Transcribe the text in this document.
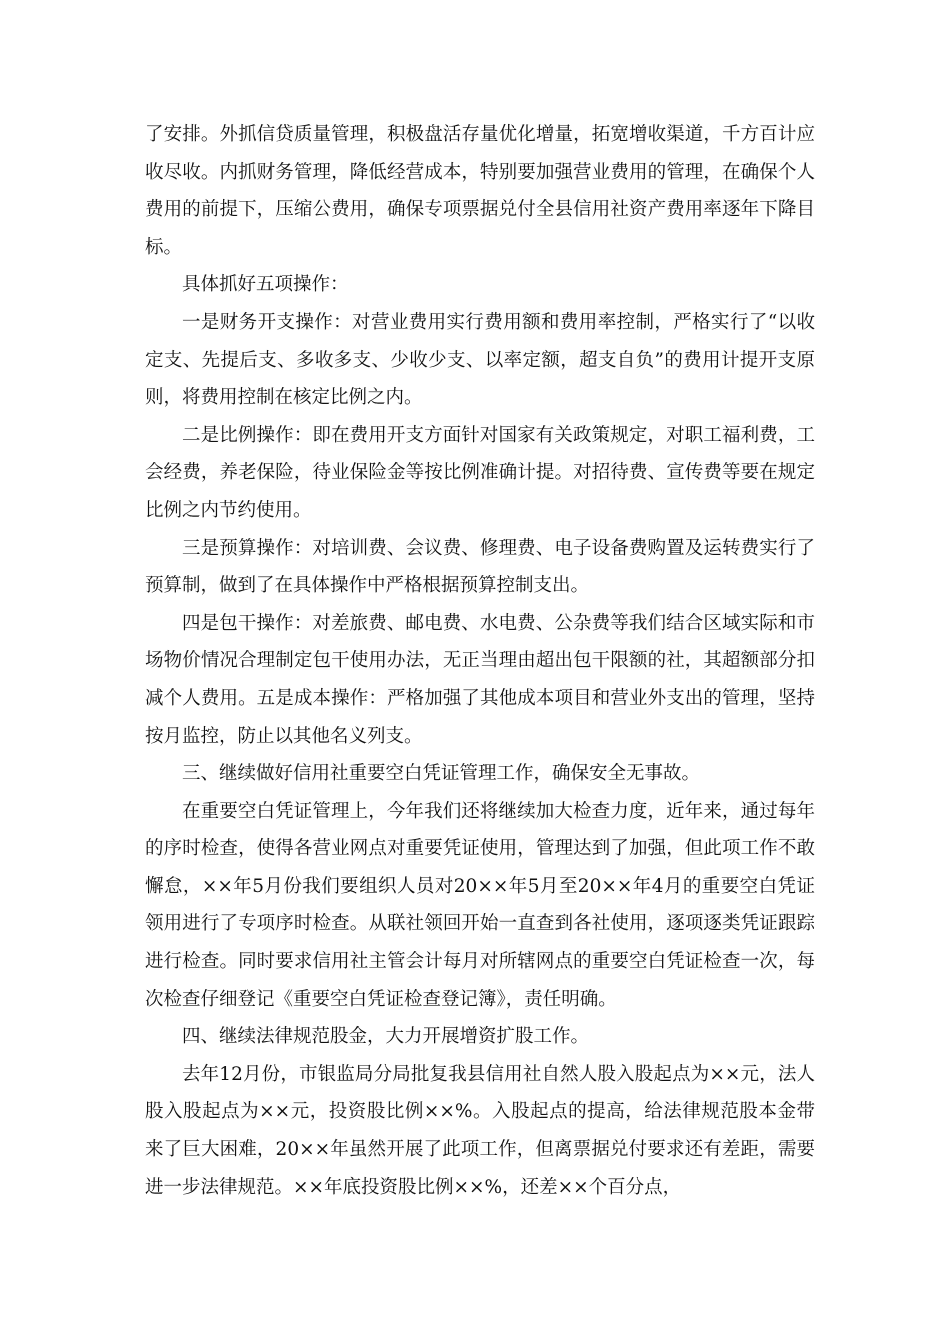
了安排。外抓信贷质量管理，积极盘活存量优化增量，拓宽增收渠道，千方百计应收尽收。内抓财务管理，降低经营成本，特别要加强营业费用的管理，在确保个人费用的前提下，压缩公费用，确保专项票据兑付全县信用社资产费用率逐年下降目标。

具体抓好五项操作：

一是财务开支操作：对营业费用实行费用额和费用率控制，严格实行了“以收定支、先提后支、多收多支、少收少支、以率定额，超支自负”的费用计提开支原则，将费用控制在核定比例之内。

二是比例操作：即在费用开支方面针对国家有关政策规定，对职工福利费，工会经费，养老保险，待业保险金等按比例准确计提。对招待费、宣传费等要在规定比例之内节约使用。

三是预算操作：对培训费、会议费、修理费、电子设备费购置及运转费实行了预算制，做到了在具体操作中严格根据预算控制支出。

四是包干操作：对差旅费、邮电费、水电费、公杂费等我们结合区域实际和市场物价情况合理制定包干使用办法，无正当理由超出包干限额的社，其超额部分扣减个人费用。五是成本操作：严格加强了其他成本项目和营业外支出的管理，坚持按月监控，防止以其他名义列支。

三、继续做好信用社重要空白凭证管理工作，确保安全无事故。

在重要空白凭证管理上，今年我们还将继续加大检查力度，近年来，通过每年的序时检查，使得各营业网点对重要凭证使用，管理达到了加强，但此项工作不敢懈怠，××年5月份我们要组织人员对20××年5月至20××年4月的重要空白凭证领用进行了专项序时检查。从联社领回开始一直查到各社使用，逐项逐类凭证跟踪进行检查。同时要求信用社主管会计每月对所辖网点的重要空白凭证检查一次，每次检查仔细登记《重要空白凭证检查登记簿》，责任明确。

四、继续法律规范股金，大力开展增资扩股工作。

去年12月份，市银监局分局批复我县信用社自然人股入股起点为××元，法人股入股起点为××元，投资股比例××%。入股起点的提高，给法律规范股本金带来了巨大困难，20××年虽然开展了此项工作，但离票据兑付要求还有差距，需要进一步法律规范。××年底投资股比例××%，还差××个百分点，
